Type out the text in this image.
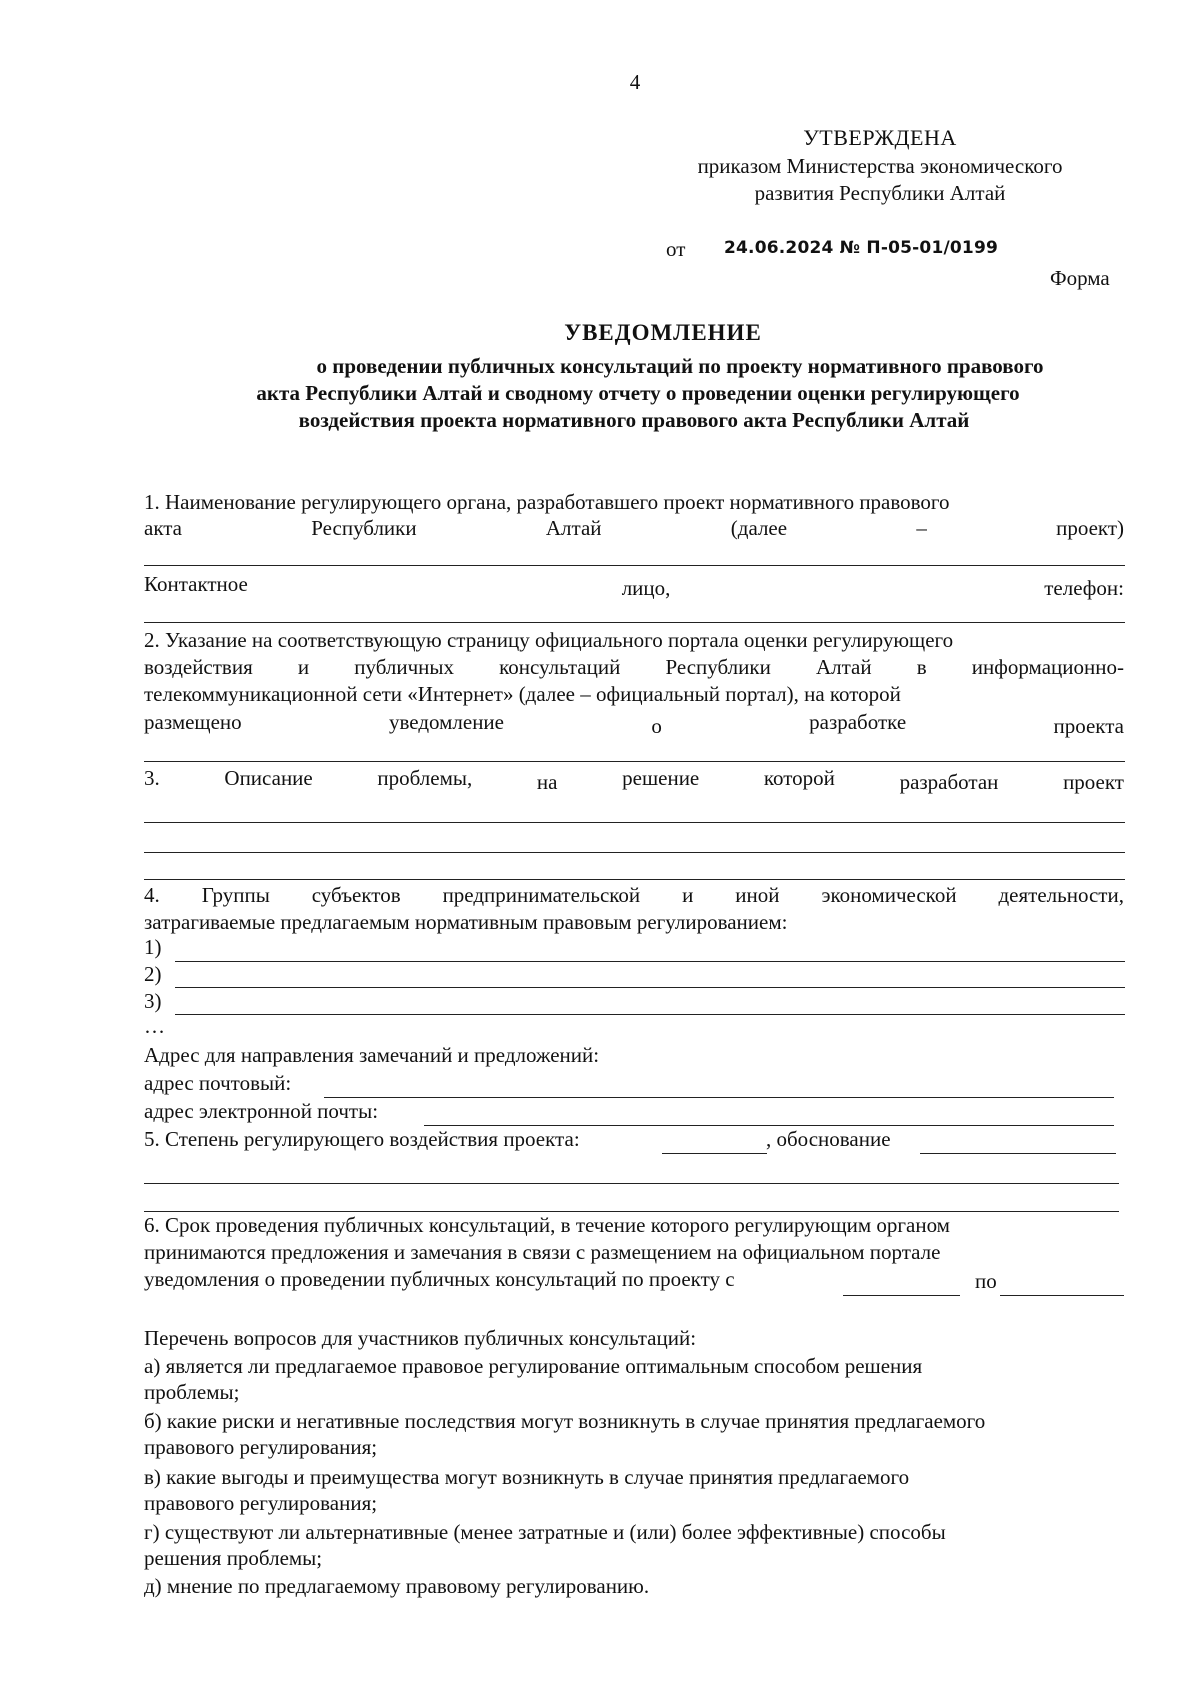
4
УТВЕРЖДЕНА
приказом Министерства экономического
развития Республики Алтай
от 24.06.2024 № П-05-01/0199
Форма
УВЕДОМЛЕНИЕ
о проведении публичных консультаций по проекту нормативного правового
акта Республики Алтай и сводному отчету о проведении оценки регулирующего
воздействия проекта нормативного правового акта Республики Алтай
1. Наименование регулирующего органа, разработавшего проект нормативного правового
акта	Республики	Алтай	(далее	–	проект)
Контактное	лицо,	телефон:
2. Указание на соответствующую страницу официального портала оценки регулирующего
воздействия и публичных консультаций Республики Алтай в информационно-
телекоммуникационной сети «Интернет» (далее – официальный портал), на которой
размещено	уведомление	о	разработке	проекта
3.	Описание	проблемы,	на	решение	которой	разработан	проект
4. Группы субъектов предпринимательской и иной экономической деятельности,
затрагиваемые предлагаемым нормативным правовым регулированием:
1)
2)
3)
…
Адрес для направления замечаний и предложений:
адрес почтовый:
адрес электронной почты:
5. Степень регулирующего воздействия проекта:	, обоснование
6. Срок проведения публичных консультаций, в течение которого регулирующим органом
принимаются предложения и замечания в связи с размещением на официальном портале
уведомления о проведении публичных консультаций по проекту с	по
Перечень вопросов для участников публичных консультаций:
а) является ли предлагаемое правовое регулирование оптимальным способом решения
проблемы;
б) какие риски и негативные последствия могут возникнуть в случае принятия предлагаемого
правового регулирования;
в) какие выгоды и преимущества могут возникнуть в случае принятия предлагаемого
правового регулирования;
г) существуют ли альтернативные (менее затратные и (или) более эффективные) способы
решения проблемы;
д) мнение по предлагаемому правовому регулированию.
